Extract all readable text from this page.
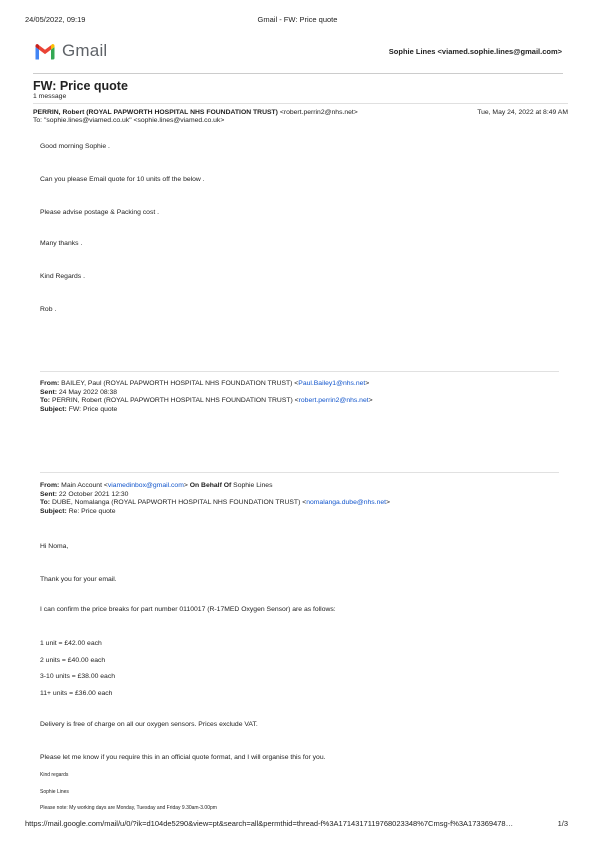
24/05/2022, 09:19	Gmail - FW: Price quote
Gmail	Sophie Lines <viamed.sophie.lines@gmail.com>
FW: Price quote
1 message
PERRIN, Robert (ROYAL PAPWORTH HOSPITAL NHS FOUNDATION TRUST) <robert.perrin2@nhs.net>	Tue, May 24, 2022 at 8:49 AM
To: "sophie.lines@viamed.co.uk" <sophie.lines@viamed.co.uk>
Good morning Sophie .
Can you please Email quote for 10 units off the below .
Please advise postage & Packing cost .
Many thanks .
Kind Regards .
Rob .
From: BAILEY, Paul (ROYAL PAPWORTH HOSPITAL NHS FOUNDATION TRUST) <Paul.Bailey1@nhs.net>
Sent: 24 May 2022 08:38
To: PERRIN, Robert (ROYAL PAPWORTH HOSPITAL NHS FOUNDATION TRUST) <robert.perrin2@nhs.net>
Subject: FW: Price quote
From: Main Account <viamedinbox@gmail.com> On Behalf Of Sophie Lines
Sent: 22 October 2021 12:30
To: DUBE, Nomalanga (ROYAL PAPWORTH HOSPITAL NHS FOUNDATION TRUST) <nomalanga.dube@nhs.net>
Subject: Re: Price quote
Hi Noma,
Thank you for your email.
I can confirm the price breaks for part number 0110017 (R-17MED Oxygen Sensor) are as follows:
1 unit = £42.00 each
2 units = £40.00 each
3-10 units = £38.00 each
11+ units = £36.00 each
Delivery is free of charge on all our oxygen sensors. Prices exclude VAT.
Please let me know if you require this in an official quote format, and I will organise this for you.
Kind regards
Sophie Lines
Please note: My working days are Monday, Tuesday and Friday 9.30am-3.00pm
https://mail.google.com/mail/u/0/?ik=d104de5290&view=pt&search=all&permthid=thread-f%3A1714317119768023348%7Cmsg-f%3A173369478…	1/3
